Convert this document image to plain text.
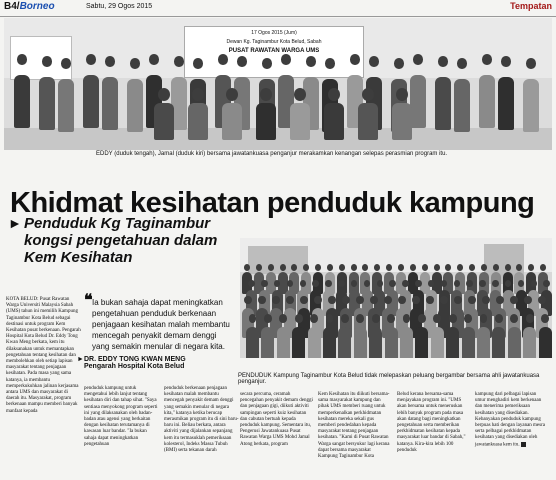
B4/Borneo	Sabtu, 29 Ogos 2015	Tempatan
17 Ogos 2015 (Jum)
Dewan Kg. Taginambur Kota Belud, Sabah
PUSAT RAWATAN WARGA UMS
EDDY (duduk tengah), Jamal (duduk kiri) bersama jawatankuasa penganjur merakamkan kenangan selepas perasmian program itu.
Khidmat kesihatan penduduk kampung
► Penduduk Kg Taginambur kongsi pengetahuan dalam Kem Kesihatan
KOTA BELUD: Pusat Rawatan Warga Universiti Malaysia Sabah (UMS) tahun ini memilih Kampung Taginambur Kota Belud sebagai destinasi untuk program Kem Kesihatan pusat berkenaan. Pengarah Hospital Kota Belud Dr. Eddy Tong Kwan Meng berkata, kem itu dilaksanakan untuk memantapkan pengetahuan tentang kesihatan dan membolehkan oleh setiap lapisan masyarakat tentang penjagaan kesihatan. Pada masa yang sama katanya, ia membantu memperkukuhkan jalinan kerjasama antara UMS dan masyarakat di daerah itu. Masyarakat, program berkenaan mampu memberi banyak manfaat kepada
❝ Ia bukan sahaja dapat meningkatkan pengetahuan penduduk berkenaan penjagaan kesihatan malah membantu mencegah penyakit demam denggi yang semakin menular di negara kita.
► DR. EDDY TONG KWAN MENG
Pengarah Hospital Kota Belud
penduduk kampung untuk mengetahui lebih lanjut tentang kesihatan diri dan tahap sihat. "Saya sentiasa menyokong program seperti ini yang dilaksanakan oleh badan-badan atau agensi yang berkaitan dengan kesihatan terutamanya di kawasan luar bandar. "Ia bukan sahaja dapat meningkatkan pengetahuan
penduduk berkenaan penjagaan kesihatan malah membantu mencegah penyakit demam denggi yang semakin menular di negara kita," katanya ketika berucap merasmikan program itu di sini baru-baru ini. Beliau berkata, antara aktiviti yang dijalankan sepanjang kem itu termasuklah pemeriksaan kolesterol, Indeks Massa Tubuh (BMI) serta tekanan darah
PENDUDUK Kampung Taginambur Kota Belud tidak melepaskan peluang bergambar bersama ahli jawatankuasa penganjur.
secara percuma, ceramah pencegahan penyakit demam denggi dan penjagaan gigi, diikuti aktiviti sampingan seperti kuiz kesihatan dan cabutan bertuah kepada penduduk kampung. Sementara itu, Pengerusi Jawatankuasa Pusat Rawatan Warga UMS Mohd Jamal Atong berkata, program
Kem Kesihatan itu diikuti bersama-sama masyarakat kampung dan pihak UMS memberi ruang untuk memperkenalkan perkhidmatan kesihatan mereka sekali gus memberi pendedahan kepada masyarakat tentang penjagaan kesihatan. "Kami di Pusat Rawatan Warga sangat bersyukur lagi kerana dapat bersama masyarakat Kampung Taginambur Kota
Belud kerana bersama-sama menjayakan program ini. "UMS akan bersama untuk meneruskan lebih banyak program pada masa akan datang bagi meningkatkan pengetahuan serta memberikan perkhidmatan kesihatan kepada masyarakat luar bandar di Sabah," katanya. Kira-kira lebih 100 penduduk
kampung dari pelbagai lapisan umur menghadiri kem berkenaan dan menerima pemeriksaan kesihatan yang disediakan. Kebanyakan penduduk kampung berpuas hati dengan layanan mesra serta pelbagai perkhidmatan kesihatan yang disediakan oleh jawatankuasa kem itu.
